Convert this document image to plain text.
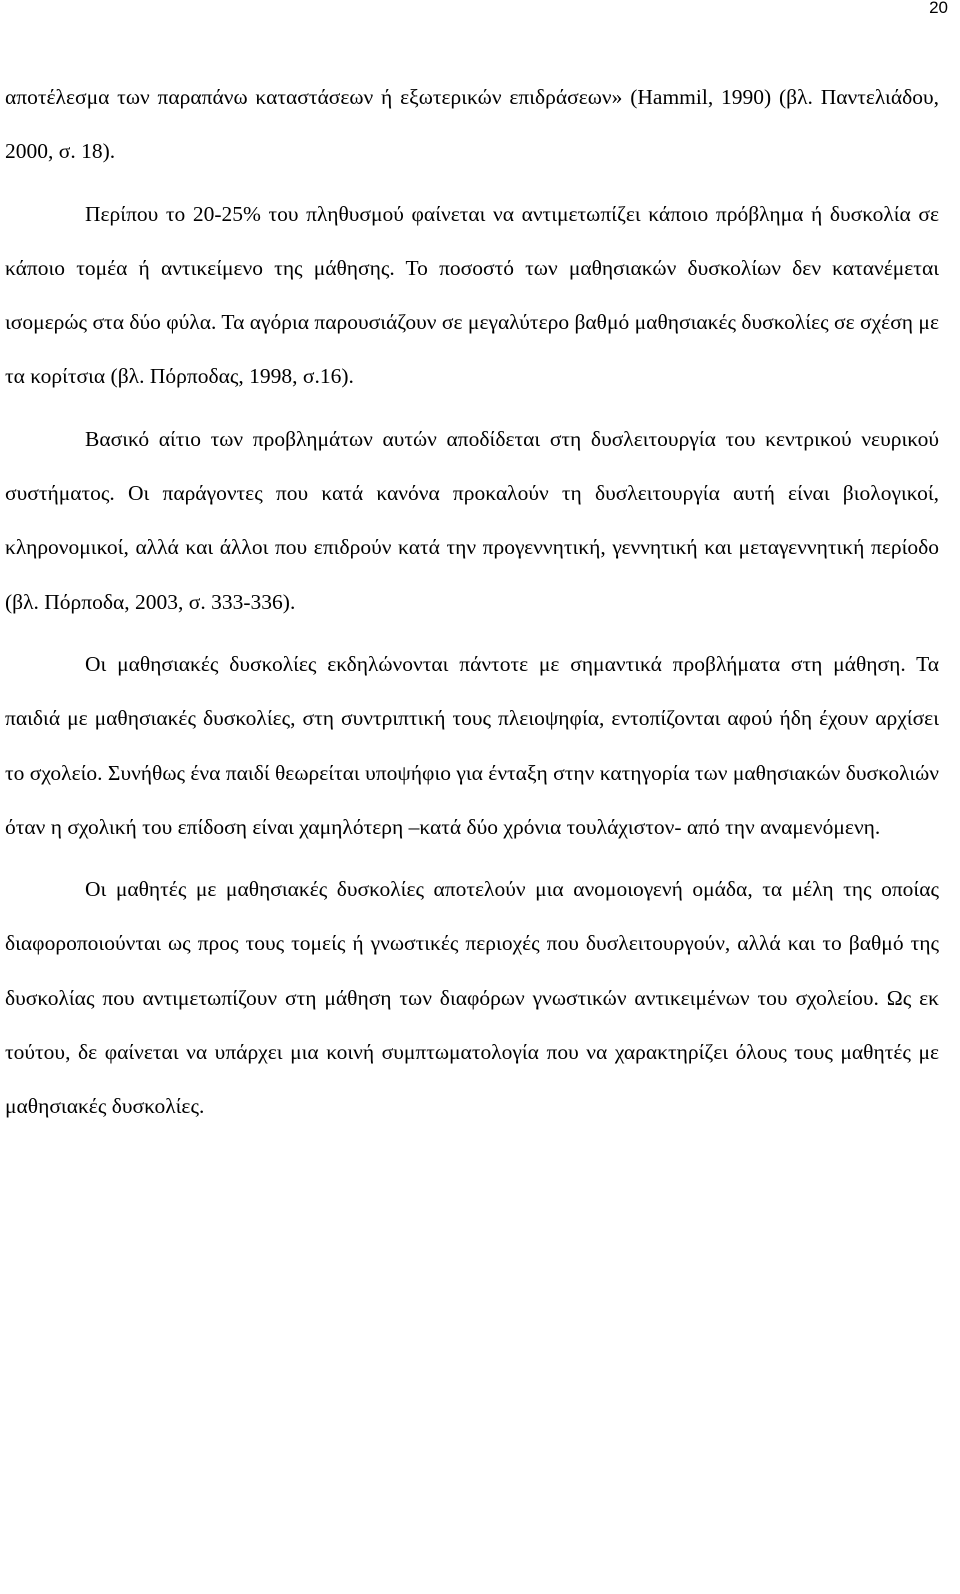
20

αποτέλεσμα των παραπάνω καταστάσεων ή εξωτερικών επιδράσεων» (Hammil, 1990) (βλ. Παντελιάδου, 2000, σ. 18).

Περίπου το 20-25% του πληθυσμού φαίνεται να αντιμετωπίζει κάποιο πρόβλημα ή δυσκολία σε κάποιο τομέα ή αντικείμενο της μάθησης. Το ποσοστό των μαθησιακών δυσκολίων δεν κατανέμεται ισομερώς στα δύο φύλα. Τα αγόρια παρουσιάζουν σε μεγαλύτερο βαθμό μαθησιακές δυσκολίες σε σχέση με τα κορίτσια (βλ. Πόρποδας, 1998, σ.16).

Βασικό αίτιο των προβλημάτων αυτών αποδίδεται στη δυσλειτουργία του κεντρικού νευρικού συστήματος. Οι παράγοντες που κατά κανόνα προκαλούν τη δυσλειτουργία αυτή είναι βιολογικοί, κληρονομικοί, αλλά και άλλοι που επιδρούν κατά την προγεννητική, γεννητική και μεταγεννητική περίοδο (βλ. Πόρποδα, 2003, σ. 333-336).

Οι μαθησιακές δυσκολίες εκδηλώνονται πάντοτε με σημαντικά προβλήματα στη μάθηση. Τα παιδιά με μαθησιακές δυσκολίες, στη συντριπτική τους πλειοψηφία, εντοπίζονται αφού ήδη έχουν αρχίσει το σχολείο. Συνήθως ένα παιδί θεωρείται υποψήφιο για ένταξη στην κατηγορία των μαθησιακών δυσκολιών όταν η σχολική του επίδοση είναι χαμηλότερη –κατά δύο χρόνια τουλάχιστον- από την αναμενόμενη.

Οι μαθητές με μαθησιακές δυσκολίες αποτελούν μια ανομοιογενή ομάδα, τα μέλη της οποίας διαφοροποιούνται ως προς τους τομείς ή γνωστικές περιοχές που δυσλειτουργούν, αλλά και το βαθμό της δυσκολίας που αντιμετωπίζουν στη μάθηση των διαφόρων γνωστικών αντικειμένων του σχολείου. Ως εκ τούτου, δε φαίνεται να υπάρχει μια κοινή συμπτωματολογία που να χαρακτηρίζει όλους τους μαθητές με μαθησιακές δυσκολίες.
